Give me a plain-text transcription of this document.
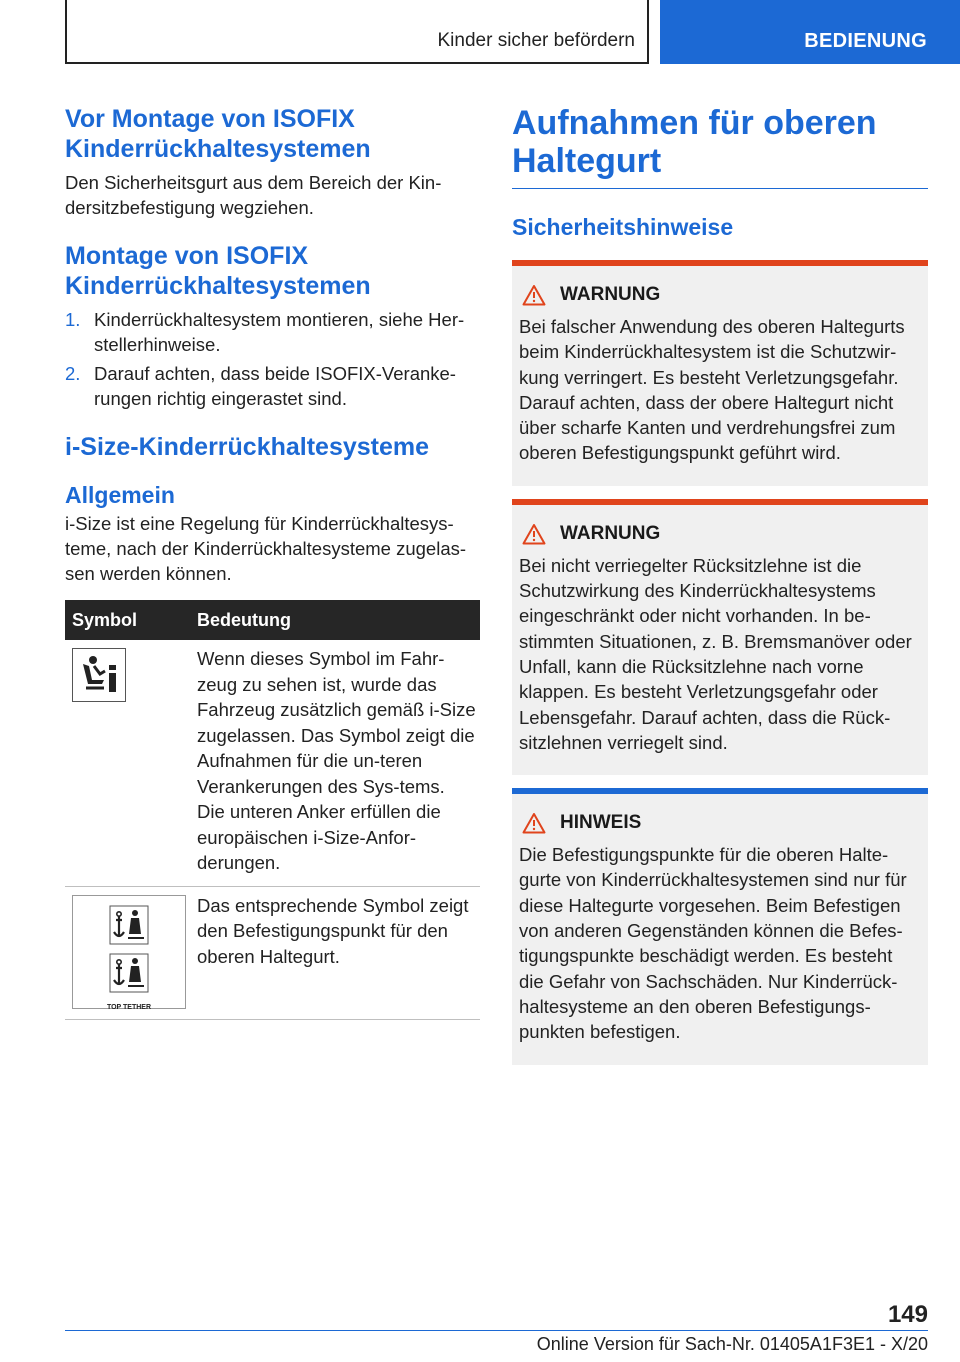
Kinder sicher befördern	BEDIENUNG
Vor Montage von ISOFIX Kinderrückhaltesystemen

Den Sicherheitsgurt aus dem Bereich der Kin-dersitzbefestigung wegziehen.

Montage von ISOFIX Kinderrückhaltesystemen
1. Kinderrückhaltesystem montieren, siehe Her-stellerhinweise.
2. Darauf achten, dass beide ISOFIX-Veranke-rungen richtig eingerastet sind.
i-Size-Kinderrückhaltesysteme
Allgemein

i-Size ist eine Regelung für Kinderrückhaltesys-teme, nach der Kinderrückhaltesysteme zugelas-sen werden können.

Symbol	Bedeutung

	Wenn dieses Symbol im Fahr-zeug zu sehen ist, wurde das Fahrzeug zusätzlich gemäß i-Size zugelassen. Das Symbol zeigt die Aufnahmen für die un-teren Verankerungen des Sys-tems. Die unteren Anker erfüllen die europäischen i-Size-Anfor-derungen.

TOP TETHER	Das entsprechende Symbol zeigt den Befestigungspunkt für den oberen Haltegurt.
Aufnahmen für oberen Haltegurt
Sicherheitshinweise
WARNUNG

Bei falscher Anwendung des oberen Haltegurts beim Kinderrückhaltesystem ist die Schutzwir-kung verringert. Es besteht Verletzungsgefahr. Darauf achten, dass der obere Haltegurt nicht über scharfe Kanten und verdrehungsfrei zum oberen Befestigungspunkt geführt wird.

WARNUNG

Bei nicht verriegelter Rücksitzlehne ist die Schutzwirkung des Kinderrückhaltesystems eingeschränkt oder nicht vorhanden. In be-stimmten Situationen, z. B. Bremsmanöver oder Unfall, kann die Rücksitzlehne nach vorne klappen. Es besteht Verletzungsgefahr oder Lebensgefahr. Darauf achten, dass die Rück-sitzlehnen verriegelt sind.

HINWEIS

Die Befestigungspunkte für die oberen Halte-gurte von Kinderrückhaltesystemen sind nur für diese Haltegurte vorgesehen. Beim Befestigen von anderen Gegenständen können die Befes-tigungspunkte beschädigt werden. Es besteht die Gefahr von Sachschäden. Nur Kinderrück-haltesysteme an den oberen Befestigungs-punkten befestigen.

149
Online Version für Sach-Nr. 01405A1F3E1 - X/20
